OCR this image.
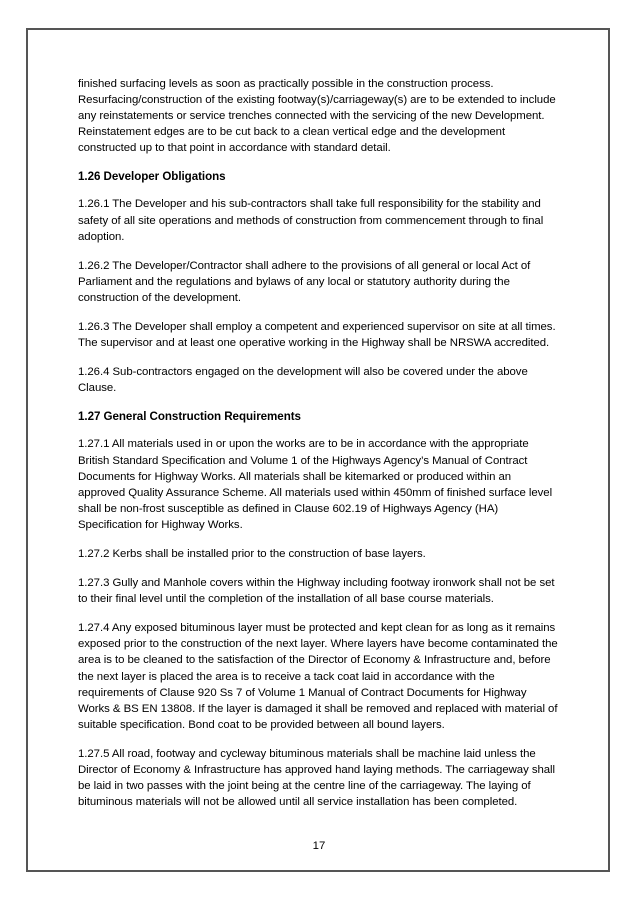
finished surfacing levels as soon as practically possible in the construction process. Resurfacing/construction of the existing footway(s)/carriageway(s) are to be extended to include any reinstatements or service trenches connected with the servicing of the new Development. Reinstatement edges are to be cut back to a clean vertical edge and the development constructed up to that point in accordance with standard detail.

1.26 Developer Obligations

1.26.1 The Developer and his sub-contractors shall take full responsibility for the stability and safety of all site operations and methods of construction from commencement through to final adoption.

1.26.2 The Developer/Contractor shall adhere to the provisions of all general or local Act of Parliament and the regulations and bylaws of any local or statutory authority during the construction of the development.

1.26.3 The Developer shall employ a competent and experienced supervisor on site at all times. The supervisor and at least one operative working in the Highway shall be NRSWA accredited.

1.26.4 Sub-contractors engaged on the development will also be covered under the above Clause.

1.27 General Construction Requirements

1.27.1 All materials used in or upon the works are to be in accordance with the appropriate British Standard Specification and Volume 1 of the Highways Agency’s Manual of Contract Documents for Highway Works. All materials shall be kitemarked or produced within an approved Quality Assurance Scheme. All materials used within 450mm of finished surface level shall be non-frost susceptible as defined in Clause 602.19 of Highways Agency (HA) Specification for Highway Works.

1.27.2 Kerbs shall be installed prior to the construction of base layers.

1.27.3 Gully and Manhole covers within the Highway including footway ironwork shall not be set to their final level until the completion of the installation of all base course materials.

1.27.4 Any exposed bituminous layer must be protected and kept clean for as long as it remains exposed prior to the construction of the next layer. Where layers have become contaminated the area is to be cleaned to the satisfaction of the Director of Economy & Infrastructure and, before the next layer is placed the area is to receive a tack coat laid in accordance with the requirements of Clause 920 Ss 7 of Volume 1 Manual of Contract Documents for Highway Works & BS EN 13808. If the layer is damaged it shall be removed and replaced with material of suitable specification. Bond coat to be provided between all bound layers.

1.27.5 All road, footway and cycleway bituminous materials shall be machine laid unless the Director of Economy & Infrastructure has approved hand laying methods. The carriageway shall be laid in two passes with the joint being at the centre line of the carriageway. The laying of bituminous materials will not be allowed until all service installation has been completed.

17
